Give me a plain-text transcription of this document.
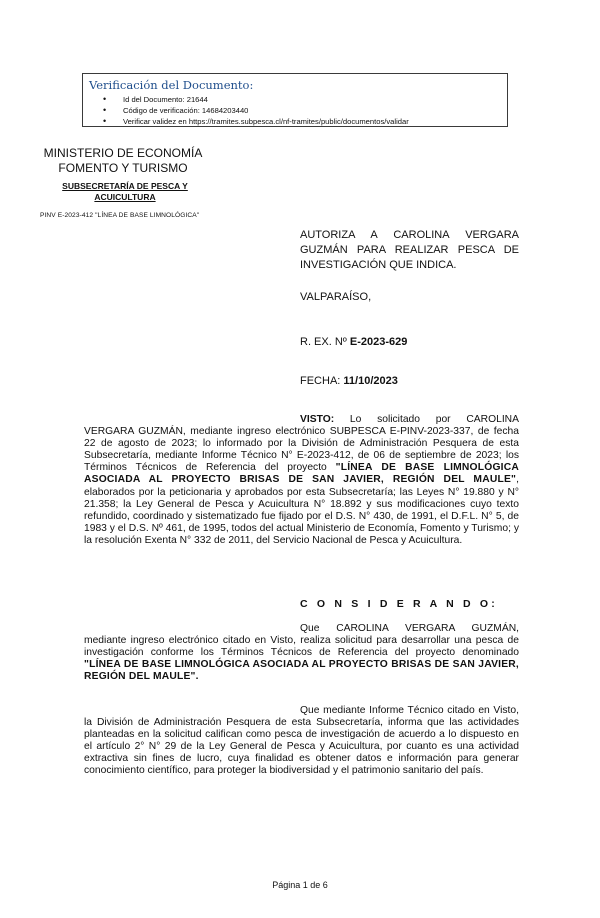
Verificación del Documento:
• Id del Documento: 21644
• Código de verificación: 14684203440
• Verificar validez en https://tramites.subpesca.cl/nf-tramites/public/documentos/validar
MINISTERIO DE ECONOMÍA
FOMENTO Y TURISMO
SUBSECRETARÍA DE PESCA Y
ACUICULTURA
PINV E-2023-412 "LÍNEA DE BASE LIMNOLÓGICA"
AUTORIZA A CAROLINA VERGARA GUZMÁN PARA REALIZAR PESCA DE INVESTIGACIÓN QUE INDICA.
VALPARAÍSO,
R. EX. Nº E-2023-629
FECHA: 11/10/2023

VISTO: Lo solicitado por CAROLINA VERGARA GUZMÁN, mediante ingreso electrónico SUBPESCA E-PINV-2023-337, de fecha 22 de agosto de 2023; lo informado por la División de Administración Pesquera de esta Subsecretaría, mediante Informe Técnico N° E-2023-412, de 06 de septiembre de 2023; los Términos Técnicos de Referencia del proyecto "LÍNEA DE BASE LIMNOLÓGICA ASOCIADA AL PROYECTO BRISAS DE SAN JAVIER, REGIÓN DEL MAULE", elaborados por la peticionaria y aprobados por esta Subsecretaría; las Leyes N° 19.880 y N° 21.358; la Ley General de Pesca y Acuicultura N° 18.892 y sus modificaciones cuyo texto refundido, coordinado y sistematizado fue fijado por el D.S. N° 430, de 1991, el D.F.L. N° 5, de 1983 y el D.S. Nº 461, de 1995, todos del actual Ministerio de Economía, Fomento y Turismo; y la resolución Exenta N° 332 de 2011, del Servicio Nacional de Pesca y Acuicultura.

C O N S I D E R A N D O:

Que CAROLINA VERGARA GUZMÁN, mediante ingreso electrónico citado en Visto, realiza solicitud para desarrollar una pesca de investigación conforme los Términos Técnicos de Referencia del proyecto denominado "LÍNEA DE BASE LIMNOLÓGICA ASOCIADA AL PROYECTO BRISAS DE SAN JAVIER, REGIÓN DEL MAULE".

Que mediante Informe Técnico citado en Visto, la División de Administración Pesquera de esta Subsecretaría, informa que las actividades planteadas en la solicitud califican como pesca de investigación de acuerdo a lo dispuesto en el artículo 2° N° 29 de la Ley General de Pesca y Acuicultura, por cuanto es una actividad extractiva sin fines de lucro, cuya finalidad es obtener datos e información para generar conocimiento científico, para proteger la biodiversidad y el patrimonio sanitario del país.

Página 1 de 6
